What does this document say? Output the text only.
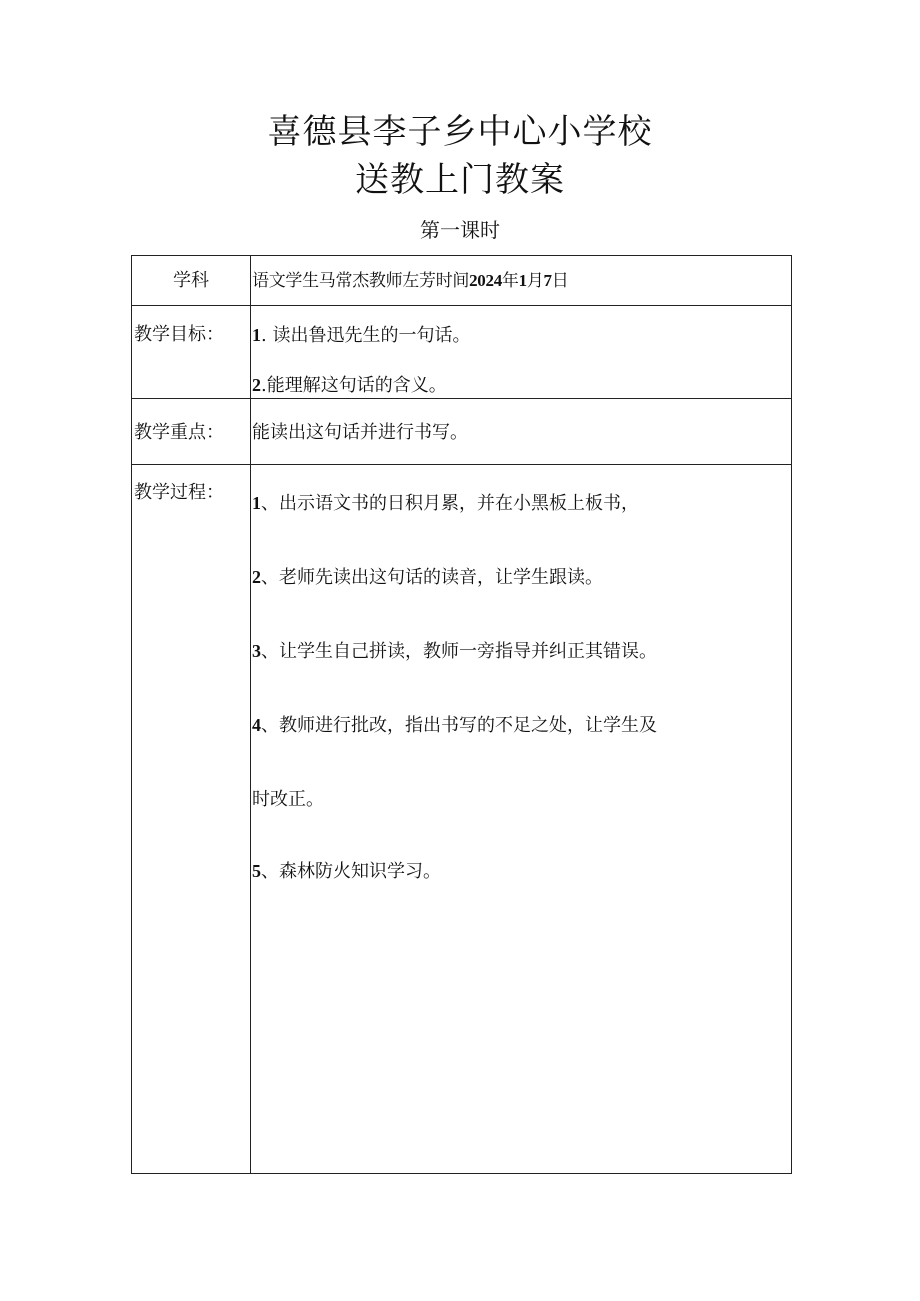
喜德县李子乡中心小学校
送教上门教案
第一课时
学科	语文学生马常杰教师左芳时间2024年1月7日
教学目标：	1. 读出鲁迅先生的一句话。
2.能理解这句话的含义。
教学重点：	能读出这句话并进行书写。
教学过程：	1、出示语文书的日积月累，并在小黑板上板书，
2、老师先读出这句话的读音，让学生跟读。
3、让学生自己拼读，教师一旁指导并纠正其错误。
4、教师进行批改，指出书写的不足之处，让学生及
时改正。
5、森林防火知识学习。
